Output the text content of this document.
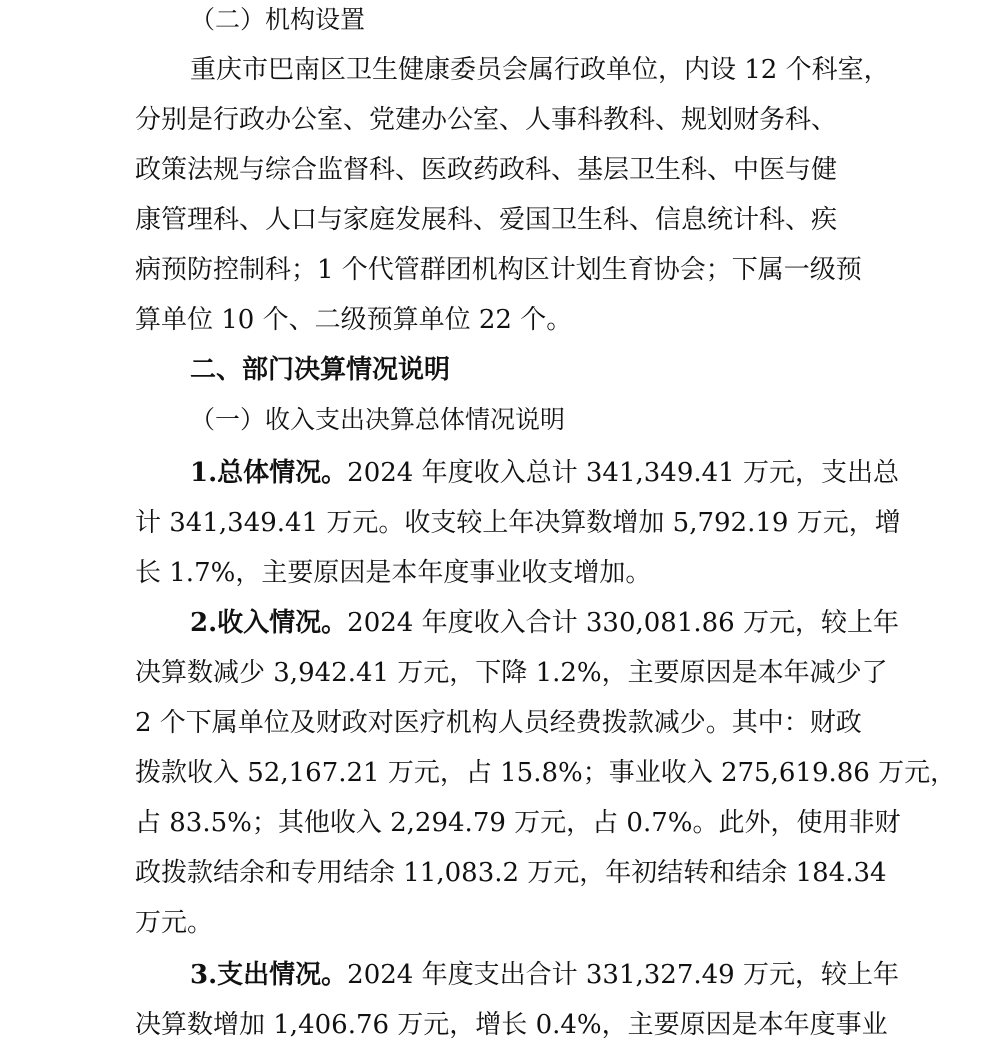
（二）机构设置
重庆市巴南区卫生健康委员会属行政单位，内设 12 个科室，
分别是行政办公室、党建办公室、人事科教科、规划财务科、
政策法规与综合监督科、医政药政科、基层卫生科、中医与健
康管理科、人口与家庭发展科、爱国卫生科、信息统计科、疾
病预防控制科；1 个代管群团机构区计划生育协会；下属一级预
算单位 10 个、二级预算单位 22 个。
二、部门决算情况说明
（一）收入支出决算总体情况说明
1.总体情况。2024 年度收入总计 341,349.41 万元，支出总
计 341,349.41 万元。收支较上年决算数增加 5,792.19 万元，增
长 1.7%，主要原因是本年度事业收支增加。
2.收入情况。2024 年度收入合计 330,081.86 万元，较上年
决算数减少 3,942.41 万元，下降 1.2%，主要原因是本年减少了
2 个下属单位及财政对医疗机构人员经费拨款减少。其中：财政
拨款收入 52,167.21 万元，占 15.8%；事业收入 275,619.86 万元，
占 83.5%；其他收入 2,294.79 万元，占 0.7%。此外，使用非财
政拨款结余和专用结余 11,083.2 万元，年初结转和结余 184.34
万元。
3.支出情况。2024 年度支出合计 331,327.49 万元，较上年
决算数增加 1,406.76 万元，增长 0.4%，主要原因是本年度事业
